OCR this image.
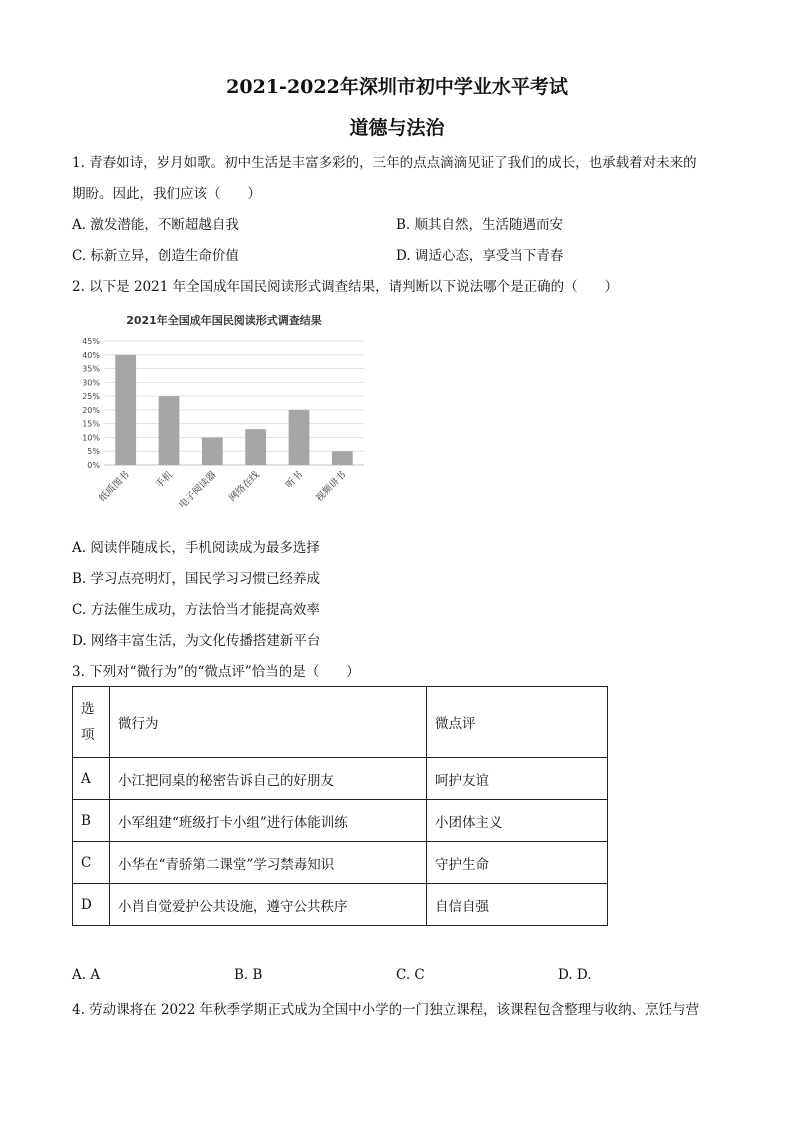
2021-2022年深圳市初中学业水平考试
道德与法治
1. 青春如诗，岁月如歌。初中生活是丰富多彩的，三年的点点滴滴见证了我们的成长，也承载着对未来的
期盼。因此，我们应该（　　）
A. 激发潜能，不断超越自我	B. 顺其自然，生活随遇而安
C. 标新立异，创造生命价值	D. 调适心态，享受当下青春
2. 以下是 2021 年全国成年国民阅读形式调查结果，请判断以下说法哪个是正确的（　　）
2021年全国成年国民阅读形式调查结果
0%
5%
10%
15%
20%
25%
30%
35%
40%
45%
纸质图书 手机 电子阅读器 网络在线 听书 视频讲书
A. 阅读伴随成长，手机阅读成为最多选择
B. 学习点亮明灯，国民学习习惯已经养成
C. 方法催生成功，方法恰当才能提高效率
D. 网络丰富生活，为文化传播搭建新平台
3. 下列对“微行为”的“微点评”恰当的是（　　）
选项	微行为	微点评
A	小江把同桌的秘密告诉自己的好朋友	呵护友谊
B	小军组建“班级打卡小组”进行体能训练	小团体主义
C	小华在“青骄第二课堂”学习禁毒知识	守护生命
D	小肖自觉爱护公共设施，遵守公共秩序	自信自强
A. A	B. B	C. C	D. D.
4. 劳动课将在 2022 年秋季学期正式成为全国中小学的一门独立课程，该课程包含整理与收纳、烹饪与营
